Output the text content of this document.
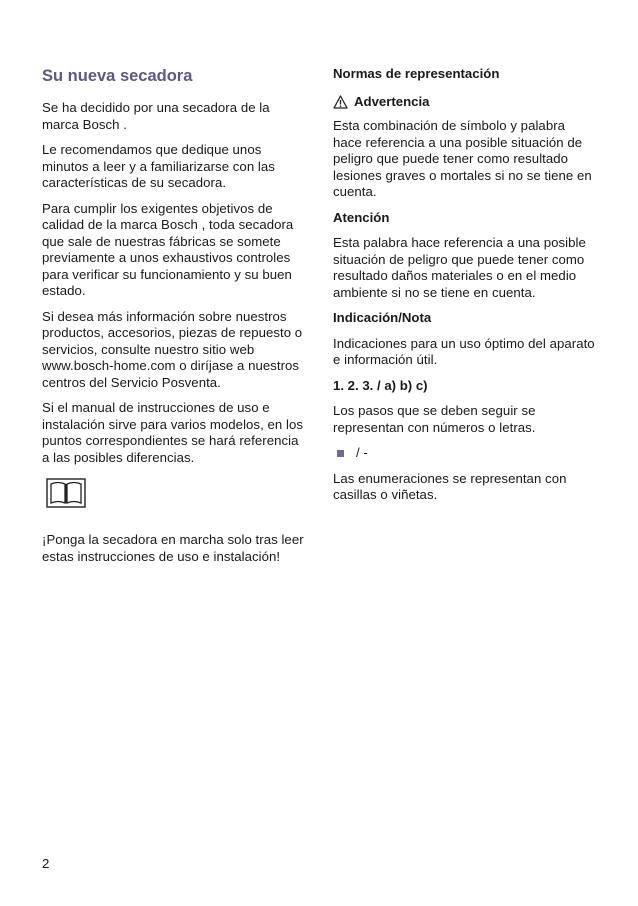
Su nueva secadora

Se ha decidido por una secadora de la marca Bosch .

Le recomendamos que dedique unos minutos a leer y a familiarizarse con las características de su secadora.

Para cumplir los exigentes objetivos de calidad de la marca Bosch , toda secadora que sale de nuestras fábricas se somete previamente a unos exhaustivos controles para verificar su funcionamiento y su buen estado.

Si desea más información sobre nuestros productos, accesorios, piezas de repuesto o servicios, consulte nuestro sitio web www.bosch-home.com o diríjase a nuestros centros del Servicio Posventa.

Si el manual de instrucciones de uso e instalación sirve para varios modelos, en los puntos correspondientes se hará referencia a las posibles diferencias.

¡Ponga la secadora en marcha solo tras leer estas instrucciones de uso e instalación!

Normas de representación
Advertencia

Esta combinación de símbolo y palabra hace referencia a una posible situación de peligro que puede tener como resultado lesiones graves o mortales si no se tiene en cuenta.

Atención

Esta palabra hace referencia a una posible situación de peligro que puede tener como resultado daños materiales o en el medio ambiente si no se tiene en cuenta.

Indicación/Nota

Indicaciones para un uso óptimo del aparato e información útil.

1. 2. 3. / a) b) c)

Los pasos que se deben seguir se representan con números o letras.

/ -

Las enumeraciones se representan con casillas o viñetas.

2
